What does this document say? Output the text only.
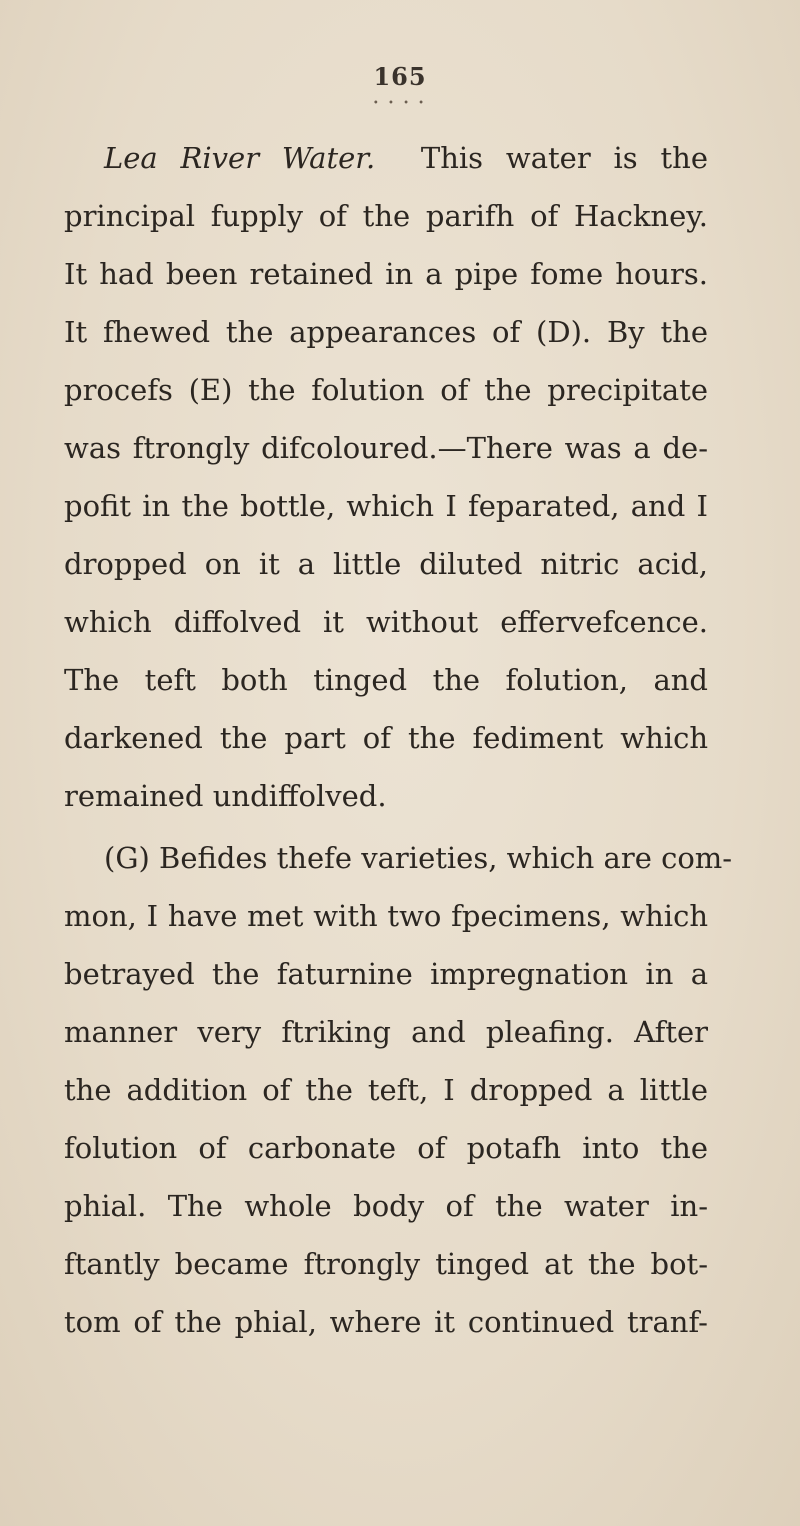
165
• • • •
Lea River Water. This water is the
principal fupply of the parifh of Hackney.
It had been retained in a pipe fome hours.
It fhewed the appearances of (D). By the
procefs (E) the folution of the precipitate
was ftrongly difcoloured.—There was a de-
pofit in the bottle, which I feparated, and I
dropped on it a little diluted nitric acid,
which diffolved it without effervefcence.
The teft both tinged the folution, and
darkened the part of the fediment which
remained undiffolved.
(G) Befides thefe varieties, which are com-
mon, I have met with two fpecimens, which
betrayed the faturnine impregnation in a
manner very ftriking and pleafing. After
the addition of the teft, I dropped a little
folution of carbonate of potafh into the
phial. The whole body of the water in-
ftantly became ftrongly tinged at the bot-
tom of the phial, where it continued tranf-
